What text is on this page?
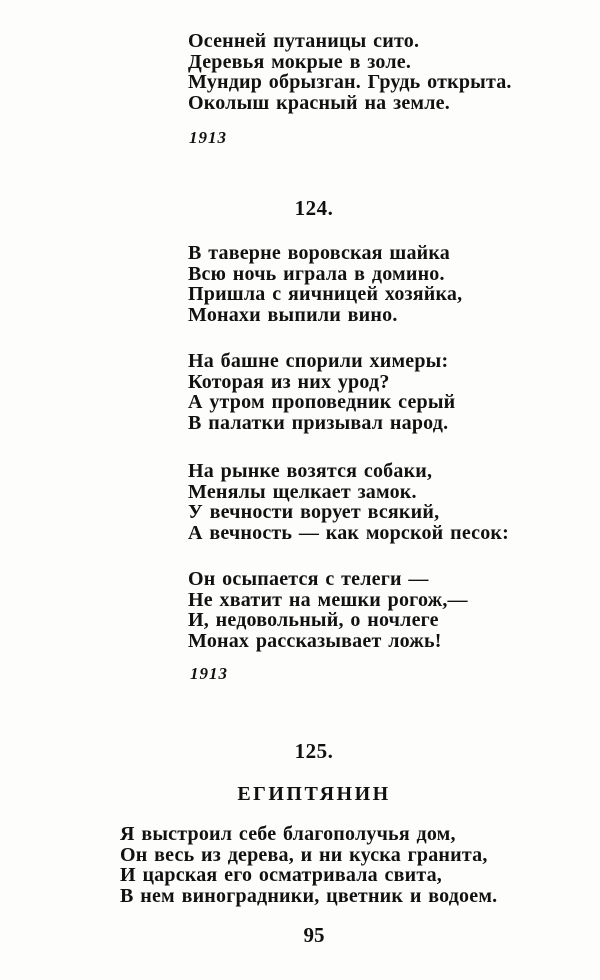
Осенней путаницы сито.
Деревья мокрые в золе.
Мундир обрызган. Грудь открыта.
Околыш красный на земле.
1913
124.
В таверне воровская шайка
Всю ночь играла в домино.
Пришла с яичницей хозяйка,
Монахи выпили вино.
На башне спорили химеры:
Которая из них урод?
А утром проповедник серый
В палатки призывал народ.
На рынке возятся собаки,
Менялы щелкает замок.
У вечности ворует всякий,
А вечность — как морской песок:
Он осыпается с телеги —
Не хватит на мешки рогож,—
И, недовольный, о ночлеге
Монах рассказывает ложь!
1913
125.
ЕГИПТЯНИН
Я выстроил себе благополучья дом,
Он весь из дерева, и ни куска гранита,
И царская его осматривала свита,
В нем виноградники, цветник и водоем.
95
